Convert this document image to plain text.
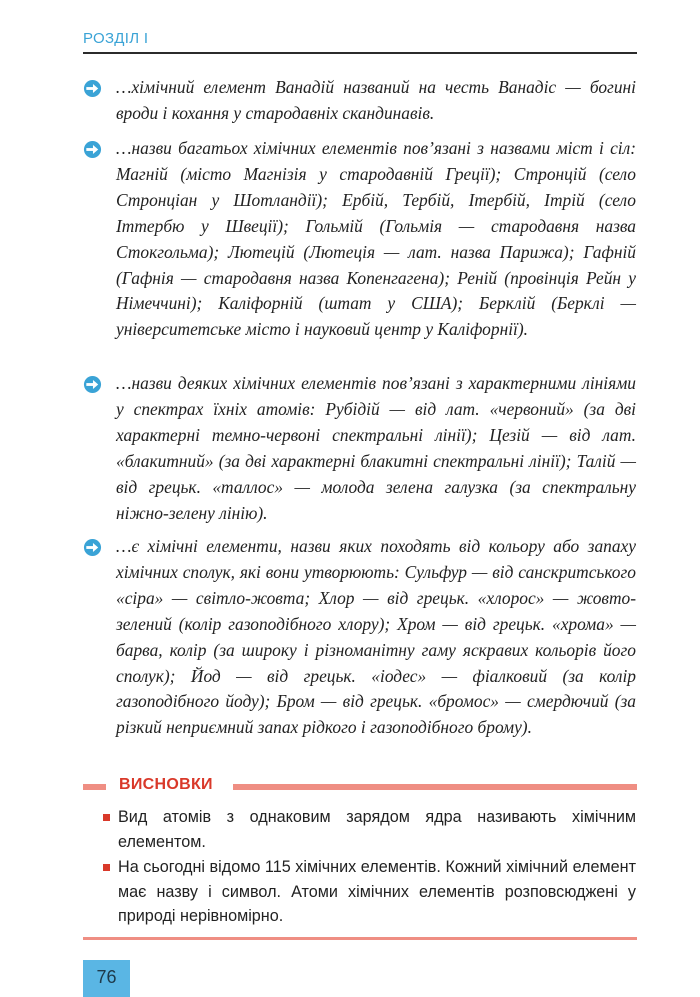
РОЗДІЛ І
…хімічний елемент Ванадій названий на честь Ванадіс — богині вроди і кохання у стародавніх скандинавів.
…назви багатьох хімічних елементів пов’язані з назвами міст і сіл: Магній (місто Магнізія у стародавній Греції); Стронцій (село Стронціан у Шотландії); Ербій, Тербій, Ітербій, Ітрій (село Іттербю у Швеції); Гольмій (Гольмія — стародавня назва Стокгольма); Лютецій (Лютеція — лат. назва Парижа); Гафній (Гафнія — стародавня назва Копенгагена); Реній (провінція Рейн у Німеччині); Каліфорній (штат у США); Берклій (Берклі — університетське місто і науковий центр у Каліфорнії).
…назви деяких хімічних елементів пов’язані з характерними лініями у спектрах їхніх атомів: Рубідій — від лат. «червоний» (за дві характерні темно-червоні спектральні лінії); Цезій — від лат. «блакитний» (за дві характерні блакитні спектральні лінії); Талій — від грецьк. «таллос» — молода зелена галузка (за спектральну ніжно-зелену лінію).
…є хімічні елементи, назви яких походять від кольору або запаху хімічних сполук, які вони утворюють: Сульфур — від санскритського «сіра» — світло-жовта; Хлор — від грецьк. «хлорос» — жовто-зелений (колір газоподібного хлору); Хром — від грецьк. «хрома» — барва, колір (за широку і різноманітну гаму яскравих кольорів його сполук); Йод — від грецьк. «іодес» — фіалковий (за колір газоподібного йоду); Бром — від грецьк. «бромос» — смердючий (за різкий неприємний запах рідкого і газоподібного брому).
ВИСНОВКИ
Вид атомів з однаковим зарядом ядра називають хімічним елементом.
На сьогодні відомо 115 хімічних елементів. Кожний хімічний елемент має назву і символ. Атоми хімічних елементів розповсюджені у природі нерівномірно.
76
